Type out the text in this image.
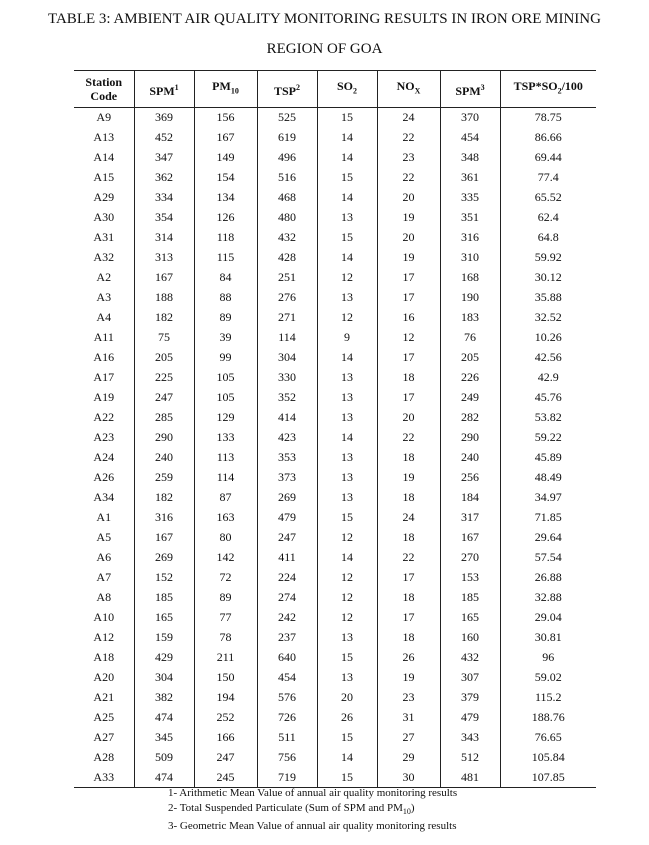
TABLE 3: AMBIENT AIR QUALITY MONITORING RESULTS IN IRON ORE MINING
REGION OF GOA
Station Code	SPM$^1$	$PM_{10}$	TSP$^2$	$SO_2$	$NO_X$	SPM$^3$	$TSP*SO_2/100$
A9	369	156	525	15	24	370	78.75
A13	452	167	619	14	22	454	86.66
A14	347	149	496	14	23	348	69.44
A15	362	154	516	15	22	361	77.4
A29	334	134	468	14	20	335	65.52
A30	354	126	480	13	19	351	62.4
A31	314	118	432	15	20	316	64.8
A32	313	115	428	14	19	310	59.92
A2	167	84	251	12	17	168	30.12
A3	188	88	276	13	17	190	35.88
A4	182	89	271	12	16	183	32.52
A11	75	39	114	9	12	76	10.26
A16	205	99	304	14	17	205	42.56
A17	225	105	330	13	18	226	42.9
A19	247	105	352	13	17	249	45.76
A22	285	129	414	13	20	282	53.82
A23	290	133	423	14	22	290	59.22
A24	240	113	353	13	18	240	45.89
A26	259	114	373	13	19	256	48.49
A34	182	87	269	13	18	184	34.97
A1	316	163	479	15	24	317	71.85
A5	167	80	247	12	18	167	29.64
A6	269	142	411	14	22	270	57.54
A7	152	72	224	12	17	153	26.88
A8	185	89	274	12	18	185	32.88
A10	165	77	242	12	17	165	29.04
A12	159	78	237	13	18	160	30.81
A18	429	211	640	15	26	432	96
A20	304	150	454	13	19	307	59.02
A21	382	194	576	20	23	379	115.2
A25	474	252	726	26	31	479	188.76
A27	345	166	511	15	27	343	76.65
A28	509	247	756	14	29	512	105.84
A33	474	245	719	15	30	481	107.85
1- Arithmetic Mean Value of annual air quality monitoring results
2- Total Suspended Particulate (Sum of SPM and $PM_{10}$)
3- Geometric Mean Value of annual air quality monitoring results
